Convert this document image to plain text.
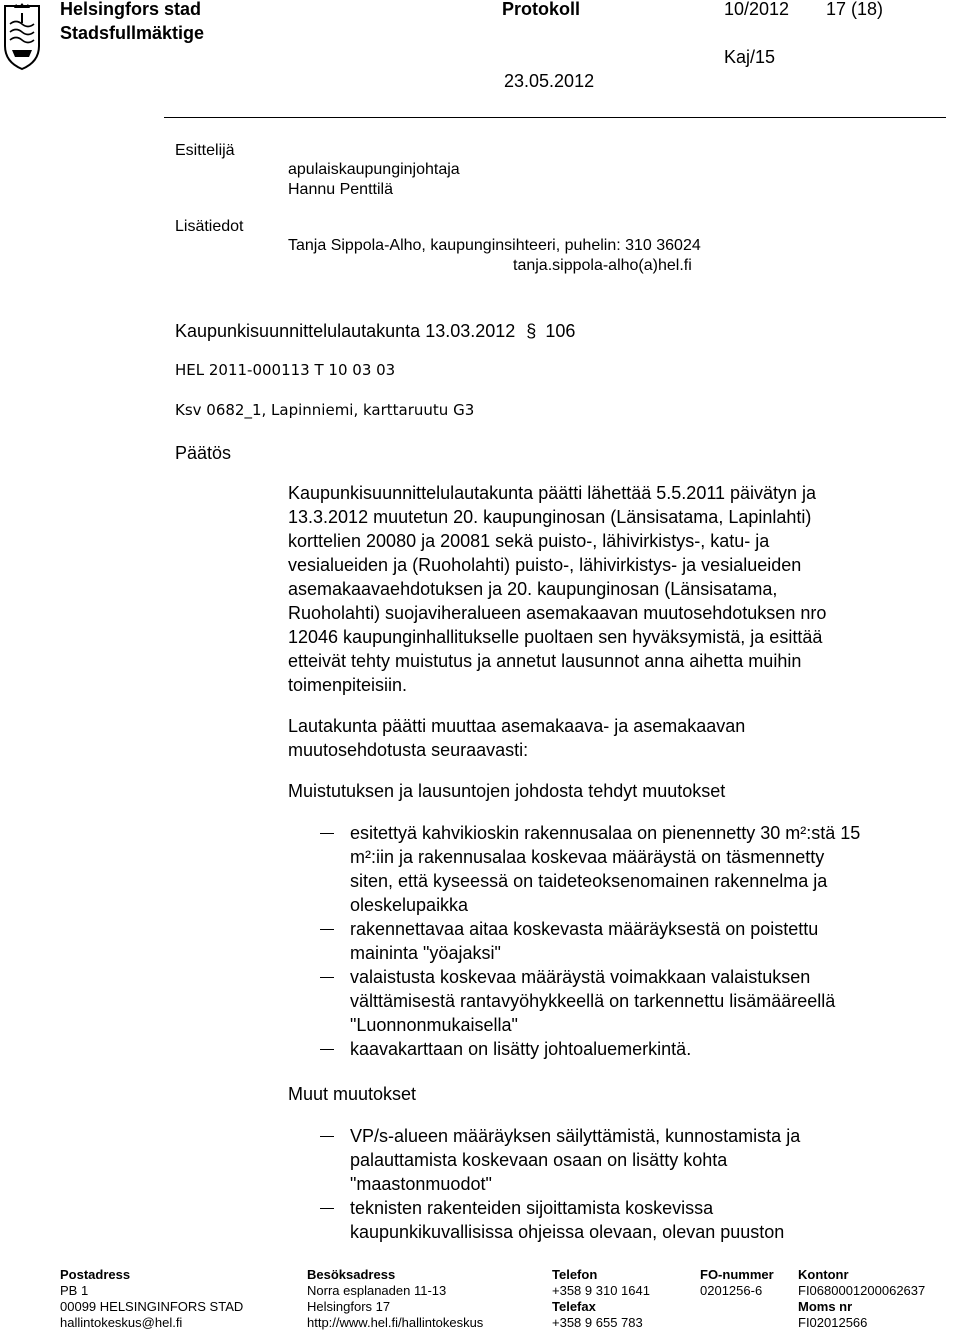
Helsingfors stad
Stadsfullmäktige
Protokoll	10/2012 17 (18)
Kaj/15
23.05.2012
Esittelijä
apulaiskaupunginjohtaja
Hannu Penttilä
Lisätiedot
Tanja Sippola-Alho, kaupunginsihteeri, puhelin: 310 36024
tanja.sippola-alho(a)hel.fi
Kaupunkisuunnittelulautakunta 13.03.2012 § 106
HEL 2011-000113 T 10 03 03
Ksv 0682_1, Lapinniemi, karttaruutu G3
Päätös
Kaupunkisuunnittelulautakunta päätti lähettää 5.5.2011 päivätyn ja
13.3.2012 muutetun 20. kaupunginosan (Länsisatama, Lapinlahti)
korttelien 20080 ja 20081 sekä puisto-, lähivirkistys-, katu- ja
vesialueiden ja (Ruoholahti) puisto-, lähivirkistys- ja vesialueiden
asemakaavaehdotuksen ja 20. kaupunginosan (Länsisatama,
Ruoholahti) suojaviheralueen asemakaavan muutosehdotuksen nro
12046 kaupunginhallitukselle puoltaen sen hyväksymistä, ja esittää
etteivät tehty muistutus ja annetut lausunnot anna aihetta muihin
toimenpiteisiin.
Lautakunta päätti muuttaa asemakaava- ja asemakaavan
muutosehdotusta seuraavasti:
Muistutuksen ja lausuntojen johdosta tehdyt muutokset
esitettyä kahvikioskin rakennusalaa on pienennetty 30 m²:stä 15
m²:iin ja rakennusalaa koskevaa määräystä on täsmennetty
siten, että kyseessä on taideteoksenomainen rakennelma ja
oleskelupaikka
rakennettavaa aitaa koskevasta määräyksestä on poistettu
maininta "yöajaksi"
valaistusta koskevaa määräystä voimakkaan valaistuksen
välttämisestä rantavyöhykkeellä on tarkennettu lisämääreellä
"Luonnonmukaisella"
kaavakarttaan on lisätty johtoaluemerkintä.
Muut muutokset
VP/s-alueen määräyksen säilyttämistä, kunnostamista ja
palauttamista koskevaan osaan on lisätty kohta
"maastonmuodot"
teknisten rakenteiden sijoittamista koskevissa
kaupunkikuvallisissa ohjeissa olevaan, olevan puuston
Postadress
PB 1
00099 HELSINGINFORS STAD
hallintokeskus@hel.fi
Besöksadress
Norra esplanaden 11-13
Helsingfors 17
http://www.hel.fi/hallintokeskus
Telefon
+358 9 310 1641
Telefax
+358 9 655 783
FO-nummer
0201256-6
Kontonr
FI0680001200062637
Moms nr
FI02012566
